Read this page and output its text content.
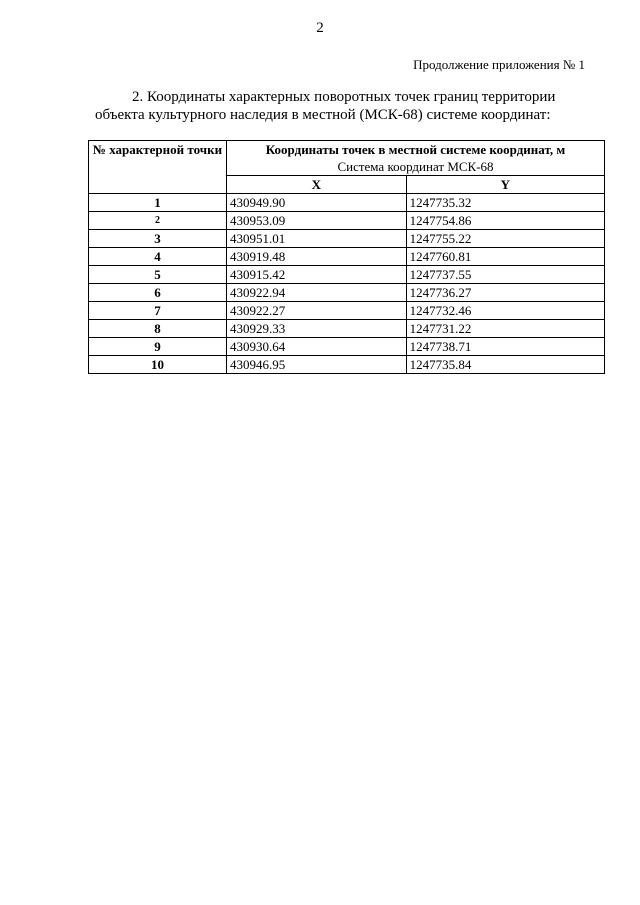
2
Продолжение приложения № 1
2. Координаты характерных поворотных точек границ территории
объекта культурного наследия в местной (МСК-68) системе координат:
№ характерной точки	Координаты точек в местной системе координат, м
Система координат МСК-68	

	X	Y
1	430949.90	1247735.32
2	430953.09	1247754.86
3	430951.01	1247755.22
4	430919.48	1247760.81
5	430915.42	1247737.55
6	430922.94	1247736.27
7	430922.27	1247732.46
8	430929.33	1247731.22
9	430930.64	1247738.71
10	430946.95	1247735.84
